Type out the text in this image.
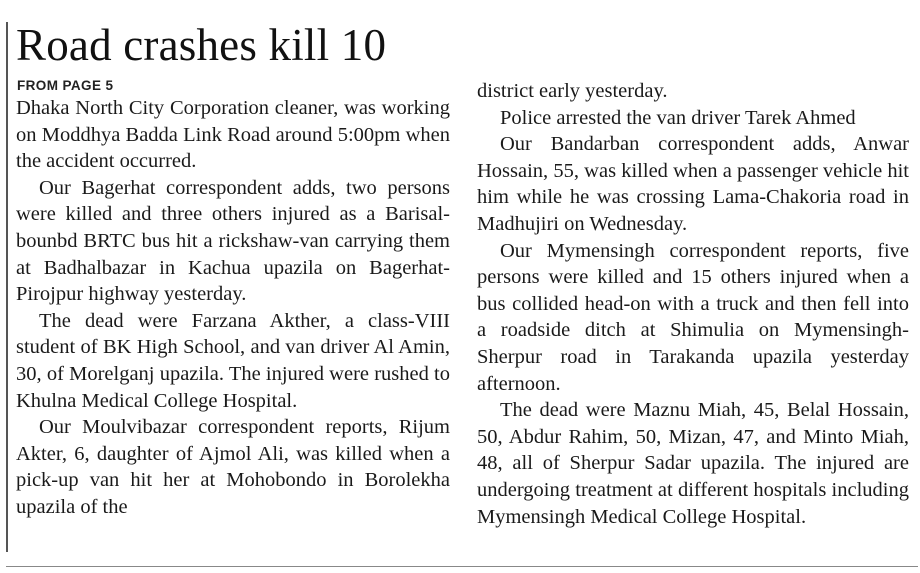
Road crashes kill 10
FROM PAGE 5

Dhaka North City Corporation cleaner, was working on Moddhya Badda Link Road around 5:00pm when the accident occurred.

Our Bagerhat correspondent adds, two persons were killed and three others injured as a Barisal-bounbd BRTC bus hit a rickshaw-van carrying them at Badhalbazar in Kachua upazila on Bagerhat-Pirojpur highway yesterday.

The dead were Farzana Akther, a class-VIII student of BK High School, and van driver Al Amin, 30, of Morelganj upazila. The injured were rushed to Khulna Medical College Hospital.

Our Moulvibazar correspondent reports, Rijum Akter, 6, daughter of Ajmol Ali, was killed when a pick-up van hit her at Mohobondo in Borolekha upazila of the

district early yesterday.

Police arrested the van driver Tarek Ahmed

Our Bandarban correspondent adds, Anwar Hossain, 55, was killed when a passenger vehicle hit him while he was crossing Lama-Chakoria road in Madhujiri on Wednesday.

Our Mymensingh correspondent reports, five persons were killed and 15 others injured when a bus collided head-on with a truck and then fell into a roadside ditch at Shimulia on Mymensingh-Sherpur road in Tarakanda upazila yesterday afternoon.

The dead were Maznu Miah, 45, Belal Hossain, 50, Abdur Rahim, 50, Mizan, 47, and Minto Miah, 48, all of Sherpur Sadar upazila. The injured are undergoing treatment at different hospitals including Mymensingh Medical College Hospital.
